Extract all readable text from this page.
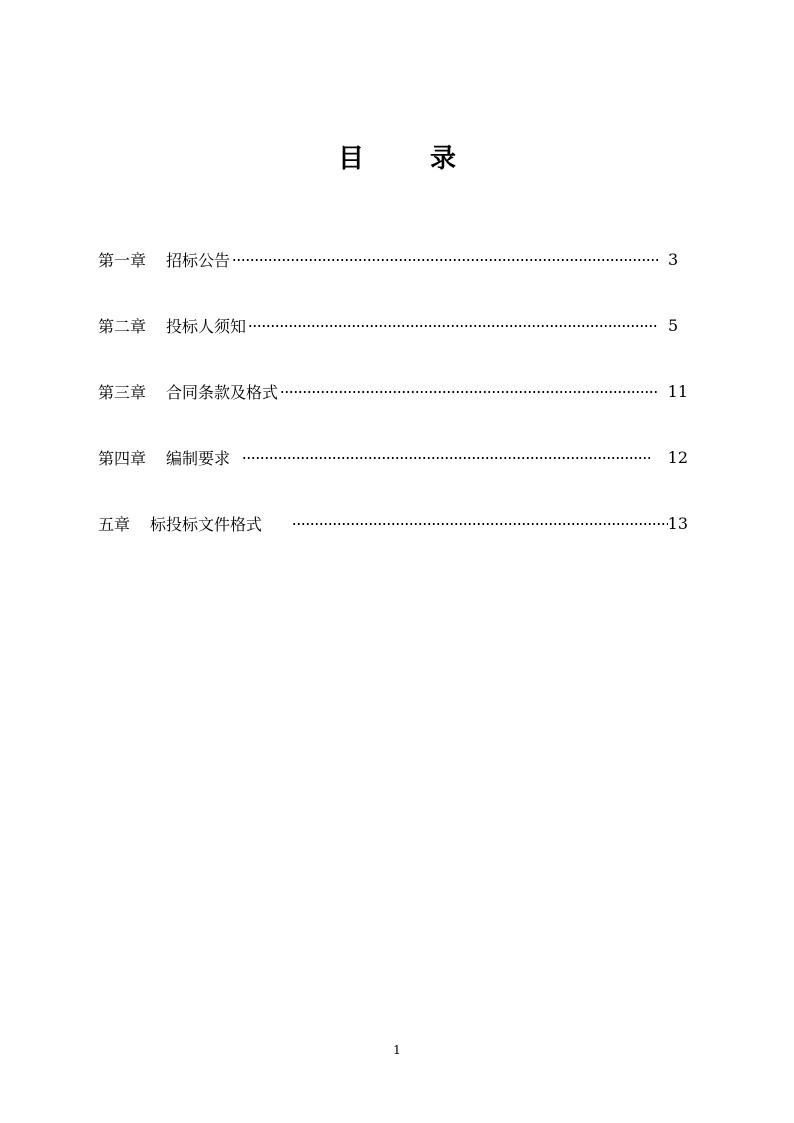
目	录
第一章 招标公告	3
第二章 投标人须知	5
第三章 合同条款及格式	11
第四章 编制要求	12
五章 标投标文件格式	13
1
